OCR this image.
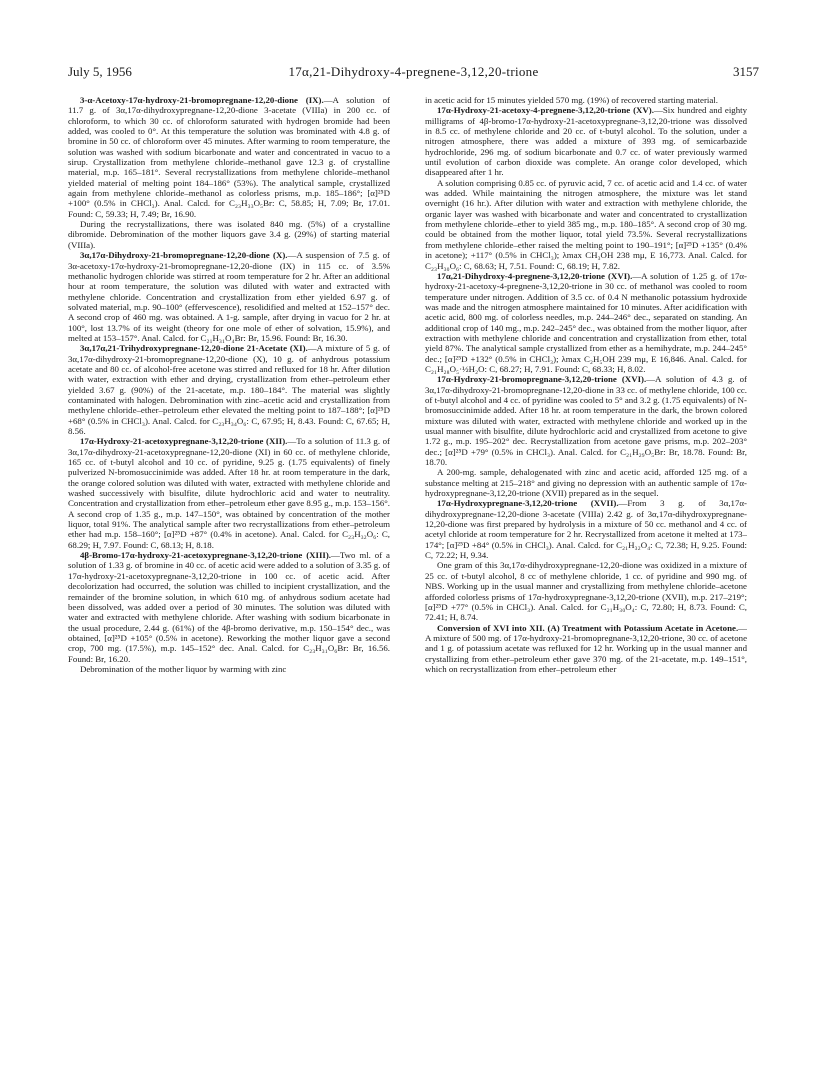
July 5, 1956	17α,21-Dihydroxy-4-pregnene-3,12,20-trione	3157

3-α-Acetoxy-17α-hydroxy-21-bromopregnane-12,20-dione (IX).—A solution of 11.7 g. of 3α,17α-dihydroxypregnane-12,20-dione 3-acetate (VIIIa) in 200 cc. of chloroform, to which 30 cc. of chloroform saturated with hydrogen bromide had been added, was cooled to 0°. At this temperature the solution was brominated with 4.8 g. of bromine in 50 cc. of chloroform over 45 minutes. After warming to room temperature, the solution was washed with sodium bicarbonate and water and concentrated in vacuo to a sirup. Crystallization from methylene chloride–methanol gave 12.3 g. of crystalline material, m.p. 165–181°. Several recrystallizations from methylene chloride–methanol yielded material of melting point 184–186° (53%). The analytical sample, crystallized again from methylene chloride–methanol as colorless prisms, m.p. 185–186°; [α]²⁵D +100° (0.5% in CHCl₃). Anal. Calcd. for C₂₃H₃₃O₅Br: C, 58.85; H, 7.09; Br, 17.01. Found: C, 59.33; H, 7.49; Br, 16.90.

During the recrystallizations, there was isolated 840 mg. (5%) of a crystalline dibromide. Debromination of the mother liquors gave 3.4 g. (29%) of starting material (VIIIa).

3α,17α-Dihydroxy-21-bromopregnane-12,20-dione (X).—A suspension of 7.5 g. of 3α-acetoxy-17α-hydroxy-21-bromopregnane-12,20-dione (IX) in 115 cc. of 3.5% methanolic hydrogen chloride was stirred at room temperature for 2 hr. After an additional hour at room temperature, the solution was diluted with water and extracted with methylene chloride. Concentration and crystallization from ether yielded 6.97 g. of solvated material, m.p. 90–100° (effervescence), resolidified and melted at 152–157° dec. A second crop of 460 mg. was obtained. A 1-g. sample, after drying in vacuo for 2 hr. at 100°, lost 13.7% of its weight (theory for one mole of ether of solvation, 15.9%), and melted at 153–157°. Anal. Calcd. for C₂₁H₃₁O₄Br: Br, 15.96. Found: Br, 16.30.

3α,17α,21-Trihydroxypregnane-12,20-dione 21-Acetate (XI).—A mixture of 5 g. of 3α,17α-dihydroxy-21-bromopregnane-12,20-dione (X), 10 g. of anhydrous potassium acetate and 80 cc. of alcohol-free acetone was stirred and refluxed for 18 hr. After dilution with water, extraction with ether and drying, crystallization from ether–petroleum ether yielded 3.67 g. (90%) of the 21-acetate, m.p. 180–184°. The material was slightly contaminated with halogen. Debromination with zinc–acetic acid and crystallization from methylene chloride–ether–petroleum ether elevated the melting point to 187–188°; [α]²⁵D +68° (0.5% in CHCl₃). Anal. Calcd. for C₂₃H₃₄O₆: C, 67.95; H, 8.43. Found: C, 67.65; H, 8.56.

17α-Hydroxy-21-acetoxypregnane-3,12,20-trione (XII).—To a solution of 11.3 g. of 3α,17α-dihydroxy-21-acetoxypregnane-12,20-dione (XI) in 60 cc. of methylene chloride, 165 cc. of t-butyl alcohol and 10 cc. of pyridine, 9.25 g. (1.75 equivalents) of finely pulverized N-bromosuccinimide was added. After 18 hr. at room temperature in the dark, the orange colored solution was diluted with water, extracted with methylene chloride and washed successively with bisulfite, dilute hydrochloric acid and water to neutrality. Concentration and crystallization from ether–petroleum ether gave 8.95 g., m.p. 153–156°. A second crop of 1.35 g., m.p. 147–150°, was obtained by concentration of the mother liquor, total 91%. The analytical sample after two recrystallizations from ether–petroleum ether had m.p. 158–160°; [α]²⁵D +87° (0.4% in acetone). Anal. Calcd. for C₂₃H₃₂O₆: C, 68.29; H, 7.97. Found: C, 68.13; H, 8.18.

4β-Bromo-17α-hydroxy-21-acetoxypregnane-3,12,20-trione (XIII).—Two ml. of a solution of 1.33 g. of bromine in 40 cc. of acetic acid were added to a solution of 3.35 g. of 17α-hydroxy-21-acetoxypregnane-3,12,20-trione in 100 cc. of acetic acid. After decolorization had occurred, the solution was chilled to incipient crystallization, and the remainder of the bromine solution, in which 610 mg. of anhydrous sodium acetate had been dissolved, was added over a period of 30 minutes. The solution was diluted with water and extracted with methylene chloride. After washing with sodium bicarbonate in the usual procedure, 2.44 g. (61%) of the 4β-bromo derivative, m.p. 150–154° dec., was obtained, [α]²⁵D +105° (0.5% in acetone). Reworking the mother liquor gave a second crop, 700 mg. (17.5%), m.p. 145–152° dec. Anal. Calcd. for C₂₃H₃₁O₆Br: Br, 16.56. Found: Br, 16.20.

Debromination of the mother liquor by warming with zinc

in acetic acid for 15 minutes yielded 570 mg. (19%) of recovered starting material.

17α-Hydroxy-21-acetoxy-4-pregnene-3,12,20-trione (XV).—Six hundred and eighty milligrams of 4β-bromo-17α-hydroxy-21-acetoxypregnane-3,12,20-trione was dissolved in 8.5 cc. of methylene chloride and 20 cc. of t-butyl alcohol. To the solution, under a nitrogen atmosphere, there was added a mixture of 393 mg. of semicarbazide hydrochloride, 296 mg. of sodium bicarbonate and 0.7 cc. of water previously warmed until evolution of carbon dioxide was complete. An orange color developed, which disappeared after 1 hr.

A solution comprising 0.85 cc. of pyruvic acid, 7 cc. of acetic acid and 1.4 cc. of water was added. While maintaining the nitrogen atmosphere, the mixture was let stand overnight (16 hr.). After dilution with water and extraction with methylene chloride, the organic layer was washed with bicarbonate and water and concentrated to crystallization from methylene chloride–ether to yield 385 mg., m.p. 180–185°. A second crop of 30 mg. could be obtained from the mother liquor, total yield 73.5%. Several recrystallizations from methylene chloride–ether raised the melting point to 190–191°; [α]²⁵D +135° (0.4% in acetone); +117° (0.5% in CHCl₃); λmax CH₃OH 238 mμ, E 16,773. Anal. Calcd. for C₂₃H₃₀O₆: C, 68.63; H, 7.51. Found: C, 68.19; H, 7.82.

17α,21-Dihydroxy-4-pregnene-3,12,20-trione (XVI).—A solution of 1.25 g. of 17α-hydroxy-21-acetoxy-4-pregnene-3,12,20-trione in 30 cc. of methanol was cooled to room temperature under nitrogen. Addition of 3.5 cc. of 0.4 N methanolic potassium hydroxide was made and the nitrogen atmosphere maintained for 10 minutes. After acidification with acetic acid, 800 mg. of colorless needles, m.p. 244–246° dec., separated on standing. An additional crop of 140 mg., m.p. 242–245° dec., was obtained from the mother liquor, after extraction with methylene chloride and concentration and crystallization from ether, total yield 87%. The analytical sample crystallized from ether as a hemihydrate, m.p. 244–245° dec.; [α]²⁵D +132° (0.5% in CHCl₃); λmax C₂H₅OH 239 mμ, E 16,846. Anal. Calcd. for C₂₁H₂₈O₅·½H₂O: C, 68.27; H, 7.91. Found: C, 68.33; H, 8.02.

17α-Hydroxy-21-bromopregnane-3,12,20-trione (XVI).—A solution of 4.3 g. of 3α,17α-dihydroxy-21-bromopregnane-12,20-dione in 33 cc. of methylene chloride, 100 cc. of t-butyl alcohol and 4 cc. of pyridine was cooled to 5° and 3.2 g. (1.75 equivalents) of N-bromosuccinimide added. After 18 hr. at room temperature in the dark, the brown colored mixture was diluted with water, extracted with methylene chloride and worked up in the usual manner with bisulfite, dilute hydrochloric acid and crystallized from acetone to give 1.72 g., m.p. 195–202° dec. Recrystallization from acetone gave prisms, m.p. 202–203° dec.; [α]²⁵D +79° (0.5% in CHCl₃). Anal. Calcd. for C₂₁H₂₉O₅Br: Br, 18.78. Found: Br, 18.70.

A 200-mg. sample, dehalogenated with zinc and acetic acid, afforded 125 mg. of a substance melting at 215–218° and giving no depression with an authentic sample of 17α-hydroxypregnane-3,12,20-trione (XVII) prepared as in the sequel.

17α-Hydroxypregnane-3,12,20-trione (XVII).—From 3 g. of 3α,17α-dihydroxypregnane-12,20-dione 3-acetate (VIIIa) 2.42 g. of 3α,17α-dihydroxypregnane-12,20-dione was first prepared by hydrolysis in a mixture of 50 cc. methanol and 4 cc. of acetyl chloride at room temperature for 2 hr. Recrystallized from acetone it melted at 173–174°; [α]²⁵D +84° (0.5% in CHCl₃). Anal. Calcd. for C₂₁H₃₂O₄: C, 72.38; H, 9.25. Found: C, 72.22; H, 9.34.

One gram of this 3α,17α-dihydroxypregnane-12,20-dione was oxidized in a mixture of 25 cc. of t-butyl alcohol, 8 cc of methylene chloride, 1 cc. of pyridine and 990 mg. of NBS. Working up in the usual manner and crystallizing from methylene chloride–acetone afforded colorless prisms of 17α-hydroxypregnane-3,12,20-trione (XVII), m.p. 217–219°; [α]²⁵D +77° (0.5% in CHCl₃). Anal. Calcd. for C₂₁H₃₀O₄: C, 72.80; H, 8.73. Found: C, 72.41; H, 8.74.

Conversion of XVI into XII. (A) Treatment with Potassium Acetate in Acetone.—A mixture of 500 mg. of 17α-hydroxy-21-bromopregnane-3,12,20-trione, 30 cc. of acetone and 1 g. of potassium acetate was refluxed for 12 hr. Working up in the usual manner and crystallizing from ether–petroleum ether gave 370 mg. of the 21-acetate, m.p. 149–151°, which on recrystallization from ether–petroleum ether
